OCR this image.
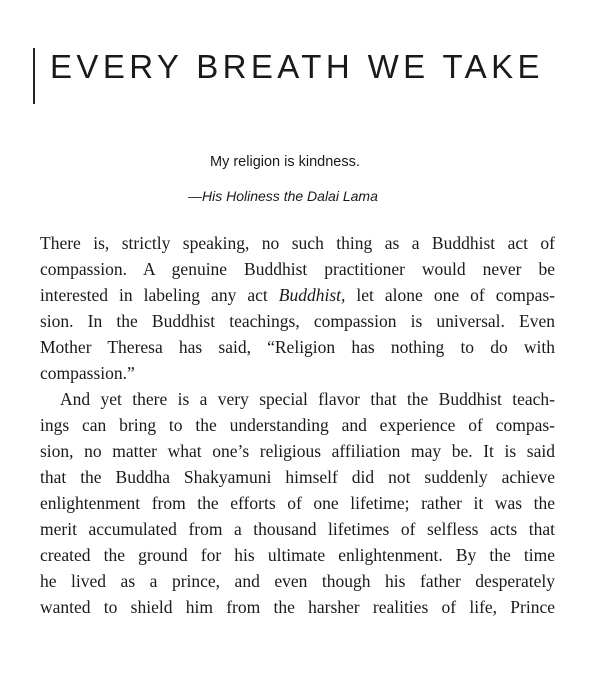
EVERY BREATH WE TAKE
My religion is kindness.
—His Holiness the Dalai Lama
There is, strictly speaking, no such thing as a Buddhist act of
compassion. A genuine Buddhist practitioner would never be
interested in labeling any act Buddhist, let alone one of compas-
sion. In the Buddhist teachings, compassion is universal. Even
Mother Theresa has said, “Religion has nothing to do with
compassion.”
And yet there is a very special flavor that the Buddhist teach-
ings can bring to the understanding and experience of compas-
sion, no matter what one’s religious affiliation may be. It is said
that the Buddha Shakyamuni himself did not suddenly achieve
enlightenment from the efforts of one lifetime; rather it was the
merit accumulated from a thousand lifetimes of selfless acts that
created the ground for his ultimate enlightenment. By the time
he lived as a prince, and even though his father desperately
wanted to shield him from the harsher realities of life, Prince
